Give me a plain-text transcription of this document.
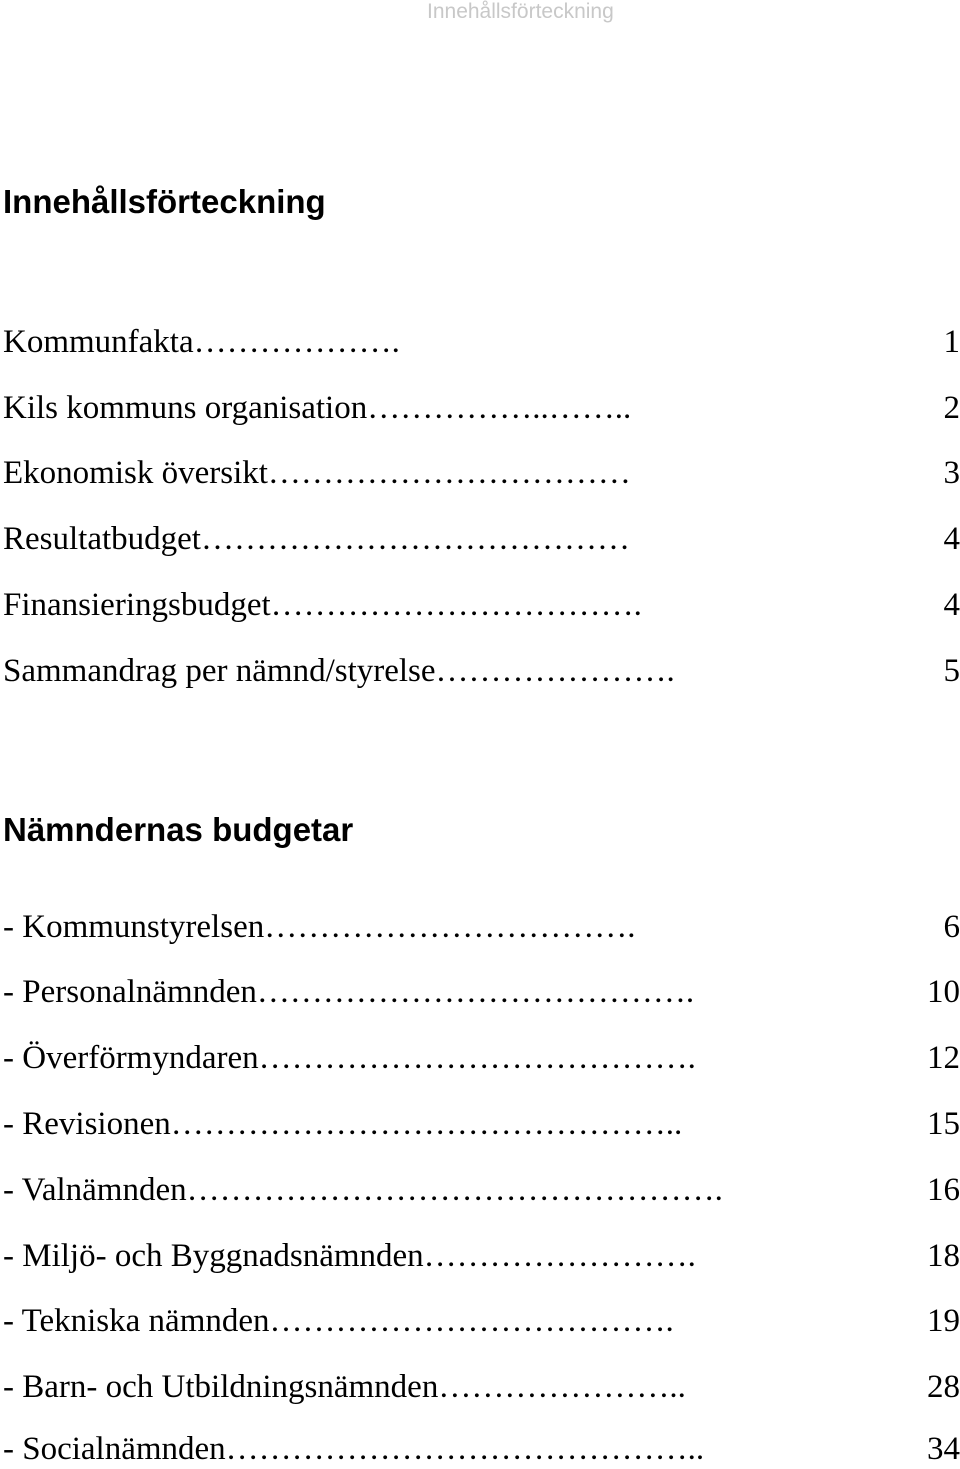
Innehållsförteckning
Innehållsförteckning
Kommunfakta……………….	1
Kils kommuns organisation……………..……..	2
Ekonomisk översikt……………………………	3
Resultatbudget…………………………………	4
Finansieringsbudget…………………………….	4
Sammandrag per nämnd/styrelse………………….	5
Nämndernas budgetar
- Kommunstyrelsen…………………………….	6
- Personalnämnden………………………………….	10
- Överförmyndaren………………………………….	12
- Revisionen………………………………………..	15
- Valnämnden………………………………………….	16
- Miljö- och Byggnadsnämnden…………………….	18
- Tekniska nämnden……………………………….	19
- Barn- och Utbildningsnämnden…………………..	28
- Socialnämnden……………………………………..	34
